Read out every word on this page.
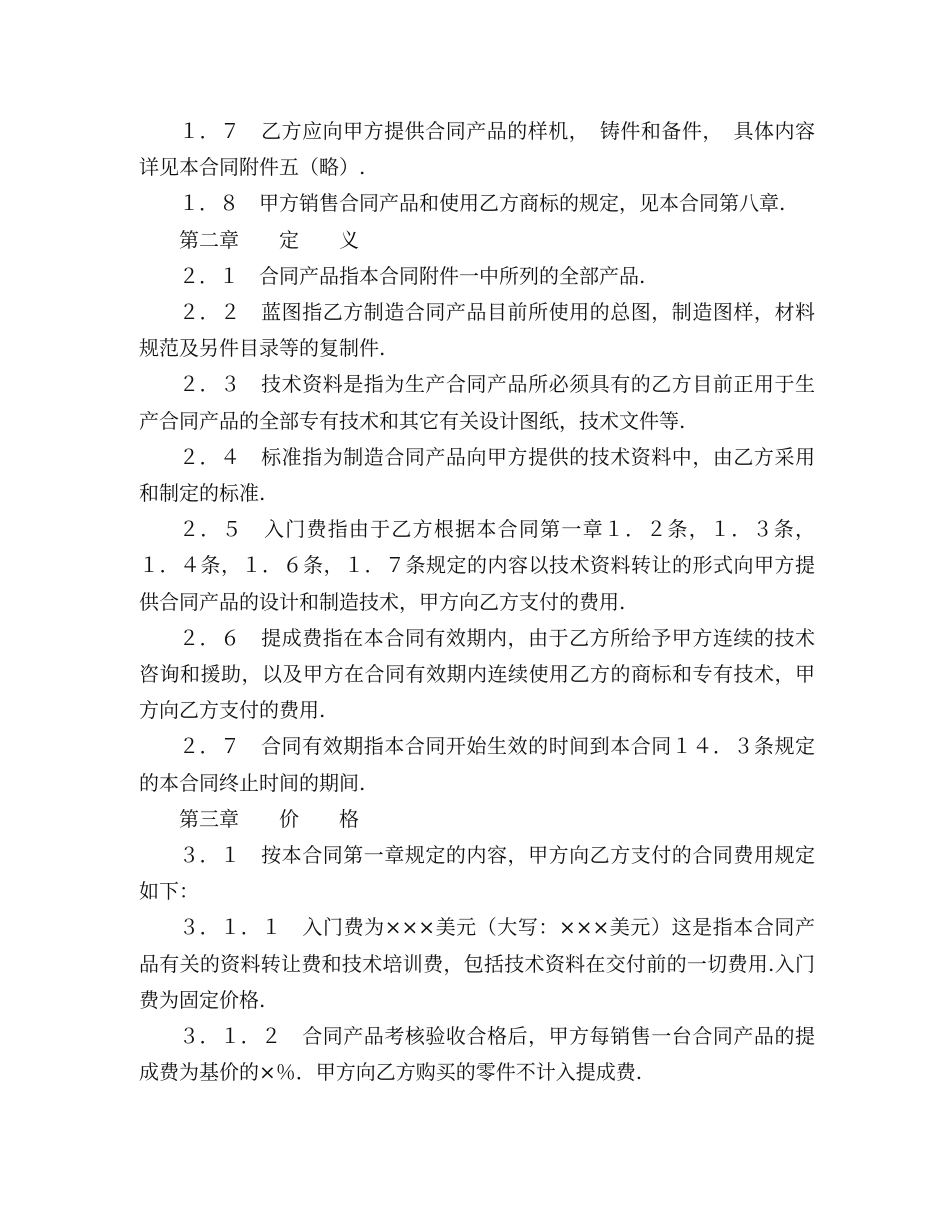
１．７　乙方应向甲方提供合同产品的样机，　铸件和备件，　具体内容详见本合同附件五（略）.

１．８　甲方销售合同产品和使用乙方商标的规定，见本合同第八章.

第二章　　定　　义

２．１　合同产品指本合同附件一中所列的全部产品.

２．２　蓝图指乙方制造合同产品目前所使用的总图，制造图样，材料规范及另件目录等的复制件.

２．３　技术资料是指为生产合同产品所必须具有的乙方目前正用于生产合同产品的全部专有技术和其它有关设计图纸，技术文件等.

２．４　标准指为制造合同产品向甲方提供的技术资料中，由乙方采用和制定的标准.

２．５　入门费指由于乙方根据本合同第一章１．２条，１．３条，１．４条，１．６条，１．７条规定的内容以技术资料转让的形式向甲方提供合同产品的设计和制造技术，甲方向乙方支付的费用.

２．６　提成费指在本合同有效期内，由于乙方所给予甲方连续的技术咨询和援助，以及甲方在合同有效期内连续使用乙方的商标和专有技术，甲方向乙方支付的费用.

２．７　合同有效期指本合同开始生效的时间到本合同１４．３条规定的本合同终止时间的期间.

第三章　　价　　格

３．１　按本合同第一章规定的内容，甲方向乙方支付的合同费用规定如下：

３．１．１　入门费为×××美元（大写：×××美元）这是指本合同产品有关的资料转让费和技术培训费，包括技术资料在交付前的一切费用.入门费为固定价格.

３．１．２　合同产品考核验收合格后，甲方每销售一台合同产品的提成费为基价的×％．甲方向乙方购买的零件不计入提成费.
